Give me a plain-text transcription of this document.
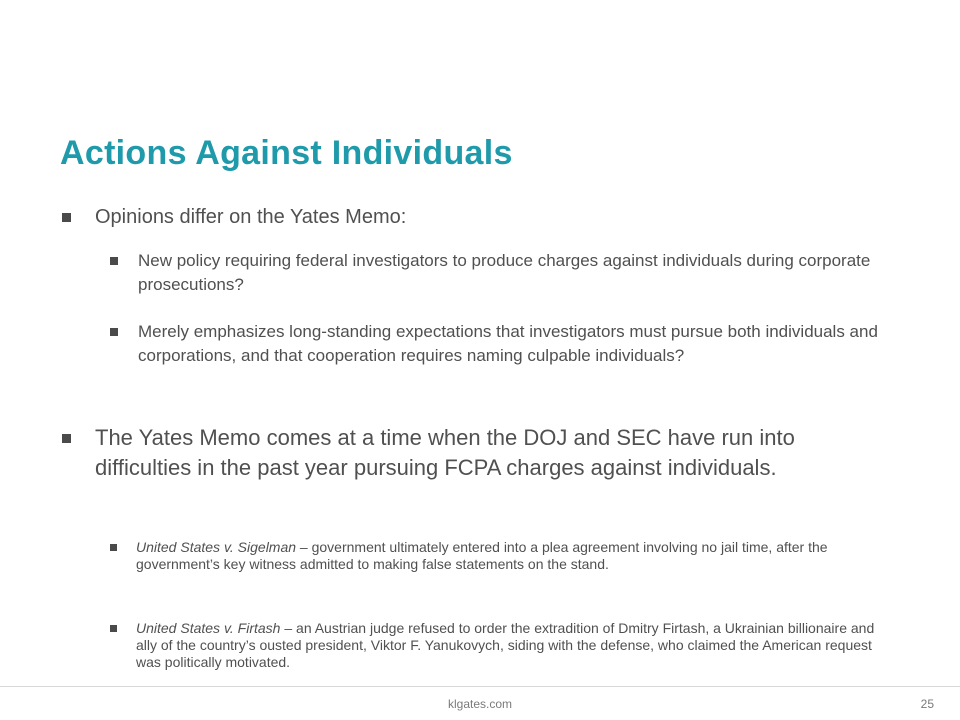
Actions Against Individuals
Opinions differ on the Yates Memo:
New policy requiring federal investigators to produce charges against individuals during corporate prosecutions?
Merely emphasizes long-standing expectations that investigators must pursue both individuals and corporations, and that cooperation requires naming culpable individuals?
The Yates Memo comes at a time when the DOJ and SEC have run into difficulties in the past year pursuing FCPA charges against individuals.
United States v. Sigelman – government ultimately entered into a plea agreement involving no jail time, after the government’s key witness admitted to making false statements on the stand.
United States v. Firtash – an Austrian judge refused to order the extradition of Dmitry Firtash, a Ukrainian billionaire and ally of the country’s ousted president, Viktor F. Yanukovych, siding with the defense, who claimed the American request was politically motivated.
klgates.com	25
